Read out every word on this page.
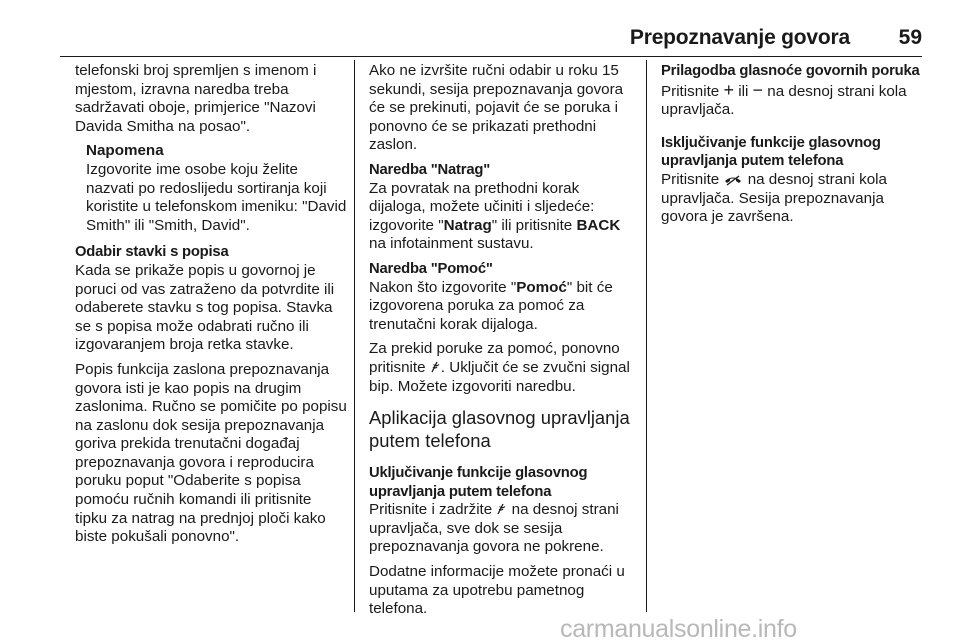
Prepoznavanje govora 59

telefonski broj spremljen s imenom i mjestom, izravna naredba treba sadržavati oboje, primjerice "Nazovi Davida Smitha na posao".

Napomena
Izgovorite ime osobe koju želite nazvati po redoslijedu sortiranja koji koristite u telefonskom imeniku: "David Smith" ili "Smith, David".
Odabir stavki s popisa

Kada se prikaže popis u govornoj je poruci od vas zatraženo da potvrdite ili odaberete stavku s tog popisa. Stavka se s popisa može odabrati ručno ili izgovaranjem broja retka stavke.

Popis funkcija zaslona prepoznavanja govora isti je kao popis na drugim zaslonima. Ručno se pomičite po popisu na zaslonu dok sesija prepoznavanja goriva prekida trenutačni događaj prepoznavanja govora i reproducira poruku poput "Odaberite s popisa pomoću ručnih komandi ili pritisnite tipku za natrag na prednjoj ploči kako biste pokušali ponovno".

Ako ne izvršite ručni odabir u roku 15 sekundi, sesija prepoznavanja govora će se prekinuti, pojavit će se poruka i ponovno će se prikazati prethodni zaslon.

Naredba "Natrag"

Za povratak na prethodni korak dijaloga, možete učiniti i sljedeće: izgovorite "Natrag" ili pritisnite BACK na infotainment sustavu.

Naredba "Pomoć"

Nakon što izgovorite "Pomoć" bit će izgovorena poruka za pomoć za trenutačni korak dijaloga.

Za prekid poruke za pomoć, ponovno pritisnite
. Uključit će se zvučni signal bip. Možete izgovoriti naredbu.

Aplikacija glasovnog upravljanja putem telefona
Uključivanje funkcije glasovnog upravljanja putem telefona

Pritisnite i zadržite
na desnoj strani upravljača, sve dok se sesija prepoznavanja govora ne pokrene.

Dodatne informacije možete pronaći u uputama za upotrebu pametnog telefona.

Prilagodba glasnoće govornih poruka

Pritisnite + ili − na desnoj strani kola upravljača.

Isključivanje funkcije glasovnog upravljanja putem telefona

Pritisnite
na desnoj strani kola upravljača. Sesija prepoznavanja govora je završena.

carmanualsonline.info
